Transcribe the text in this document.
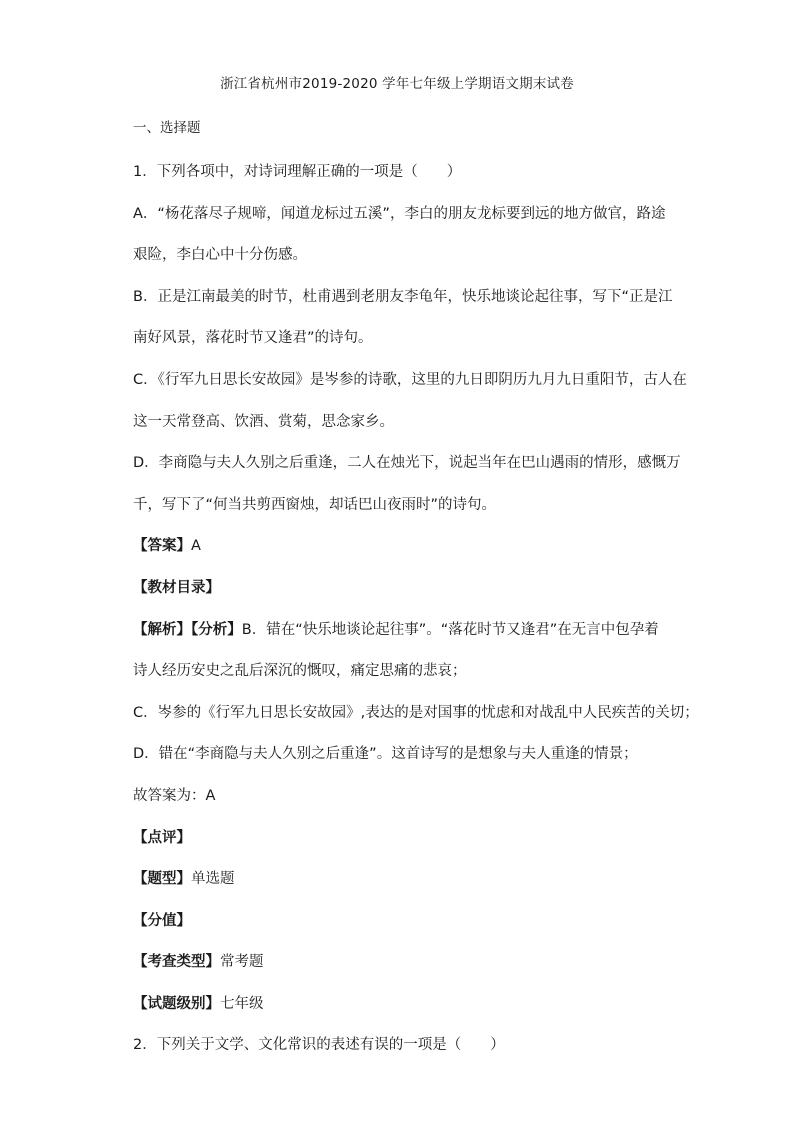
浙江省杭州市2019-2020 学年七年级上学期语文期末试卷
一、选择题
1．下列各项中，对诗词理解正确的一项是（　　）
A．“杨花落尽子规啼，闻道龙标过五溪”，李白的朋友龙标要到远的地方做官，路途
艰险，李白心中十分伤感。
B．正是江南最美的时节，杜甫遇到老朋友李龟年，快乐地谈论起往事，写下“正是江
南好风景，落花时节又逢君”的诗句。
C．《行军九日思长安故园》是岑参的诗歌，这里的九日即阴历九月九日重阳节，古人在
这一天常登高、饮酒、赏菊，思念家乡。
D．李商隐与夫人久别之后重逢，二人在烛光下，说起当年在巴山遇雨的情形，感慨万
千，写下了“何当共剪西窗烛，却话巴山夜雨时”的诗句。
【答案】A
【教材目录】
【解析】【分析】B．错在“快乐地谈论起往事”。“落花时节又逢君”在无言中包孕着
诗人经历安史之乱后深沉的慨叹，痛定思痛的悲哀；
C．岑参的《行军九日思长安故园》,表达的是对国事的忧虑和对战乱中人民疾苦的关切；
D．错在“李商隐与夫人久别之后重逢”。这首诗写的是想象与夫人重逢的情景；
故答案为：A
【点评】
【题型】单选题
【分值】
【考查类型】常考题
【试题级别】七年级
2．下列关于文学、文化常识的表述有误的一项是（　　）
